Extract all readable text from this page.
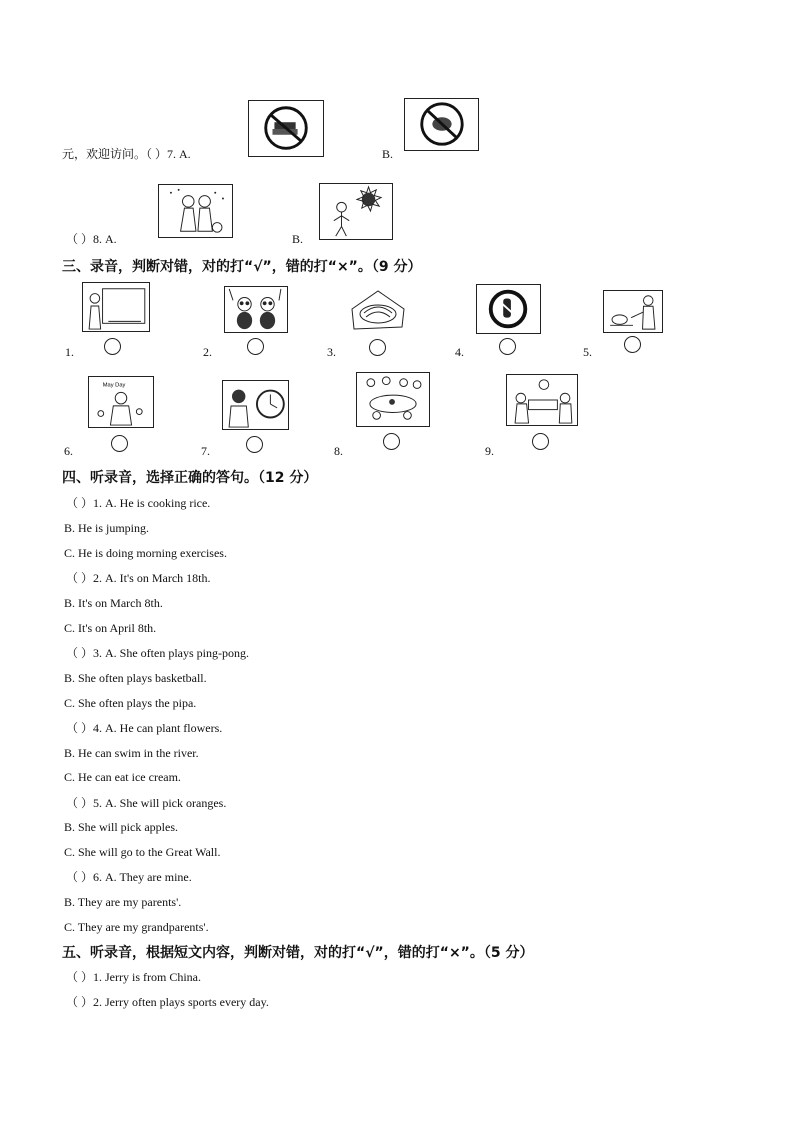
元，欢迎访问。（ ）7. A.	B.
（ ）8. A.	B.
三、录音，判断对错，对的打“√”，错的打“×”。（9 分）
1.	2.	3.	4.	5.
May Day
6.	7.	8.	9.
四、听录音，选择正确的答句。（12 分）
（ ）1. A. He is cooking rice.
B. He is jumping.
C. He is doing morning exercises.
（ ）2. A. It's on March 18th.
B. It's on March 8th.
C. It's on April 8th.
（ ）3. A. She often plays ping-pong.
B. She often plays basketball.
C. She often plays the pipa.
（ ）4. A. He can plant flowers.
B. He can swim in the river.
C. He can eat ice cream.
（ ）5. A. She will pick oranges.
B. She will pick apples.
C. She will go to the Great Wall.
（ ）6. A. They are mine.
B. They are my parents'.
C. They are my grandparents'.
五、听录音，根据短文内容，判断对错，对的打“√”，错的打“×”。（5 分）
（ ）1. Jerry is from China.
（ ）2. Jerry often plays sports every day.
